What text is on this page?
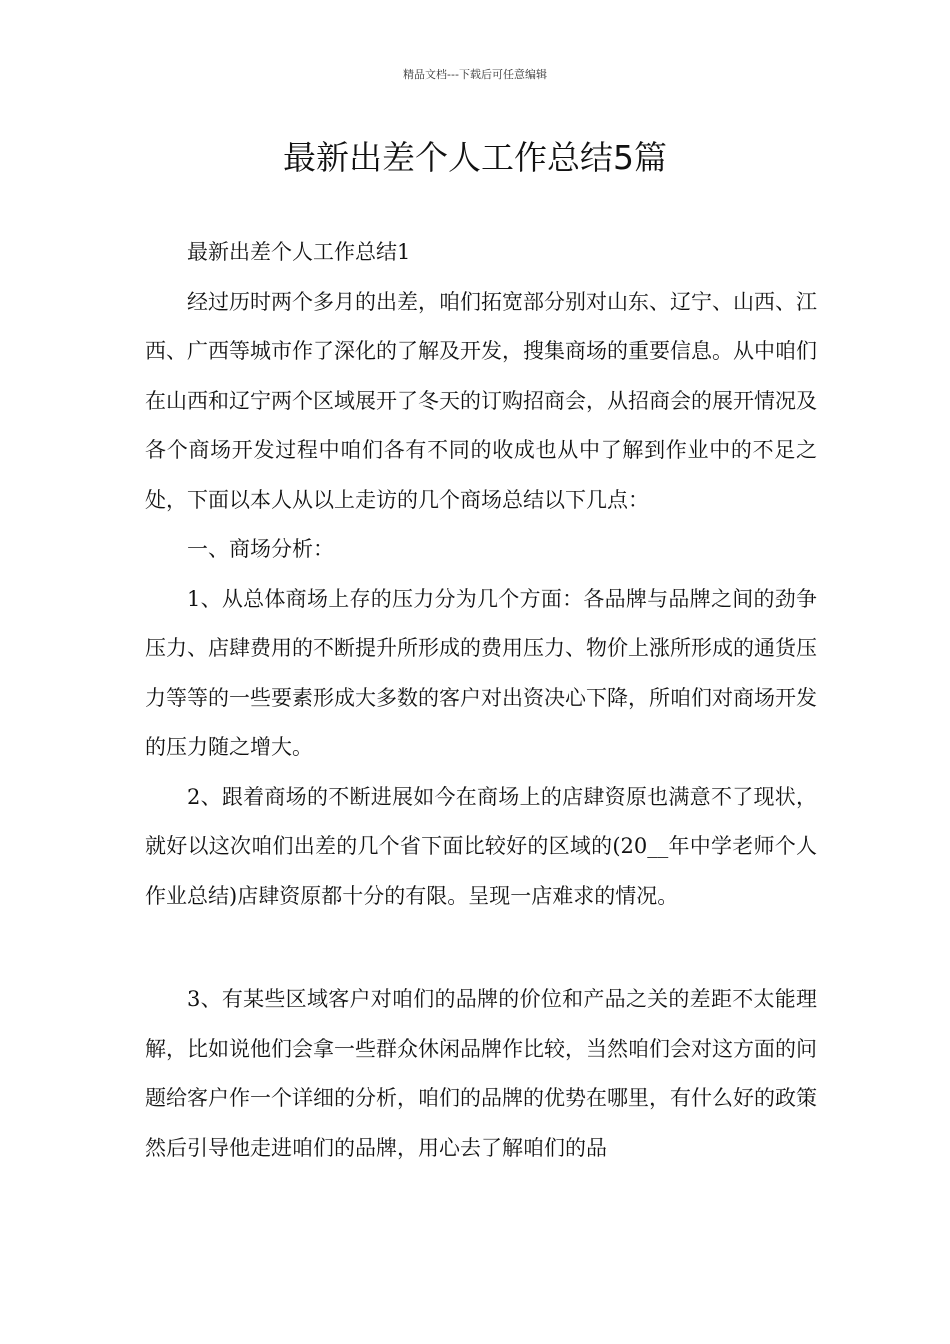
精品文档---下载后可任意编辑
最新出差个人工作总结5篇

最新出差个人工作总结1

经过历时两个多月的出差，咱们拓宽部分别对山东、辽宁、山西、江西、广西等城市作了深化的了解及开发，搜集商场的重要信息。从中咱们在山西和辽宁两个区域展开了冬天的订购招商会，从招商会的展开情况及各个商场开发过程中咱们各有不同的收成也从中了解到作业中的不足之处，下面以本人从以上走访的几个商场总结以下几点：

一、商场分析：

1、从总体商场上存的压力分为几个方面：各品牌与品牌之间的劲争压力、店肆费用的不断提升所形成的费用压力、物价上涨所形成的通货压力等等的一些要素形成大多数的客户对出资决心下降，所咱们对商场开发的压力随之增大。

2、跟着商场的不断进展如今在商场上的店肆资原也满意不了现状，就好以这次咱们出差的几个省下面比较好的区域的(20__年中学老师个人作业总结)店肆资原都十分的有限。呈现一店难求的情况。

3、有某些区域客户对咱们的品牌的价位和产品之关的差距不太能理解，比如说他们会拿一些群众休闲品牌作比较，当然咱们会对这方面的问题给客户作一个详细的分析，咱们的品牌的优势在哪里，有什么好的政策然后引导他走进咱们的品牌，用心去了解咱们的品
